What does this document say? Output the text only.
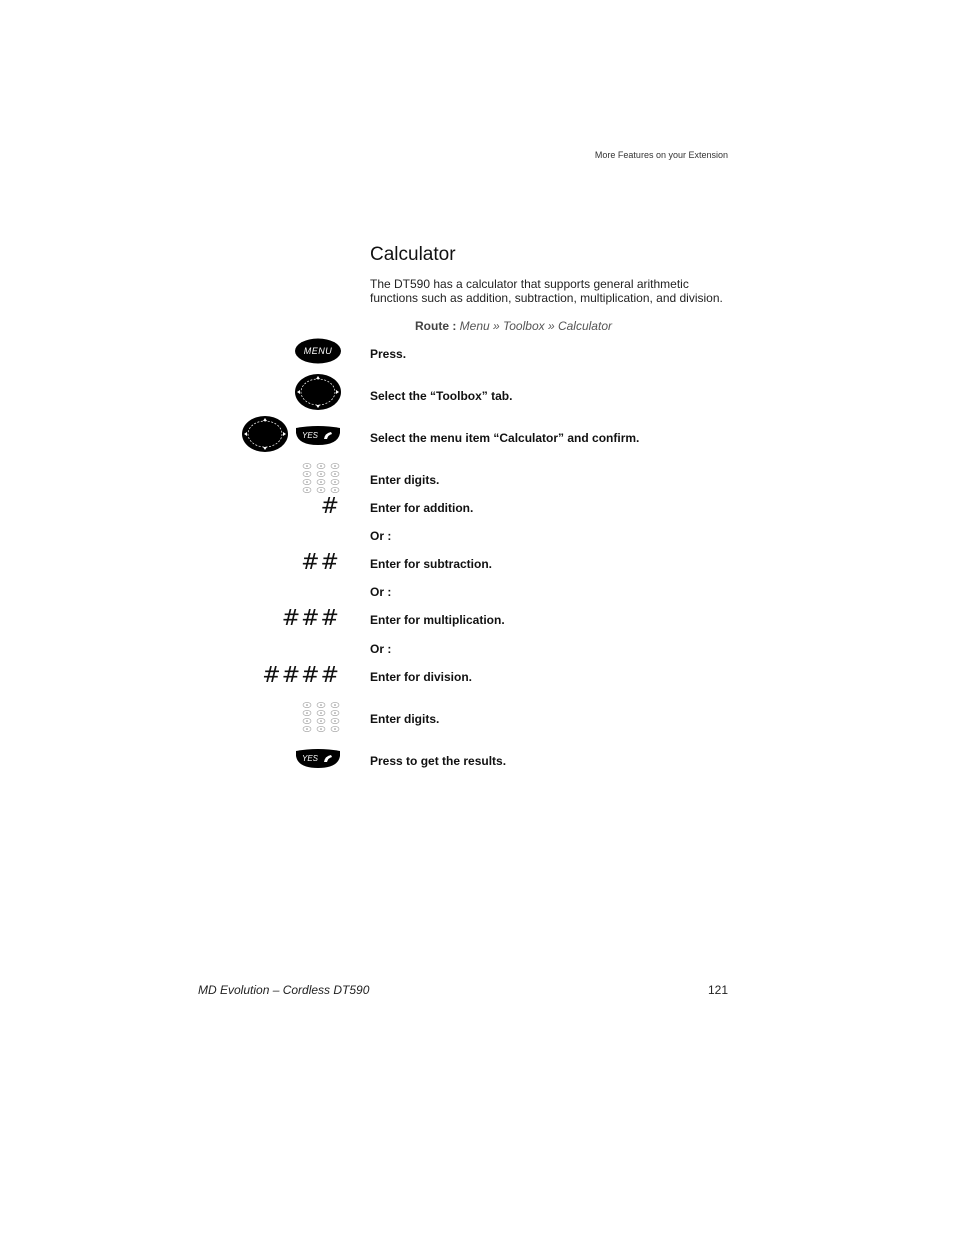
More Features on your Extension
Calculator

The DT590 has a calculator that supports general arithmetic functions such as addition, subtraction, multiplication, and division.

Route : Menu » Toolbox » Calculator
MENU	Press.
Select the “Toolbox” tab.
YES	Select the menu item “Calculator” and confirm.
Enter digits.
#	Enter for addition.
Or :
##	Enter for subtraction.
Or :
###	Enter for multiplication.
Or :
####	Enter for division.
Enter digits.
YES	Press to get the results.
MD Evolution – Cordless DT590	121
